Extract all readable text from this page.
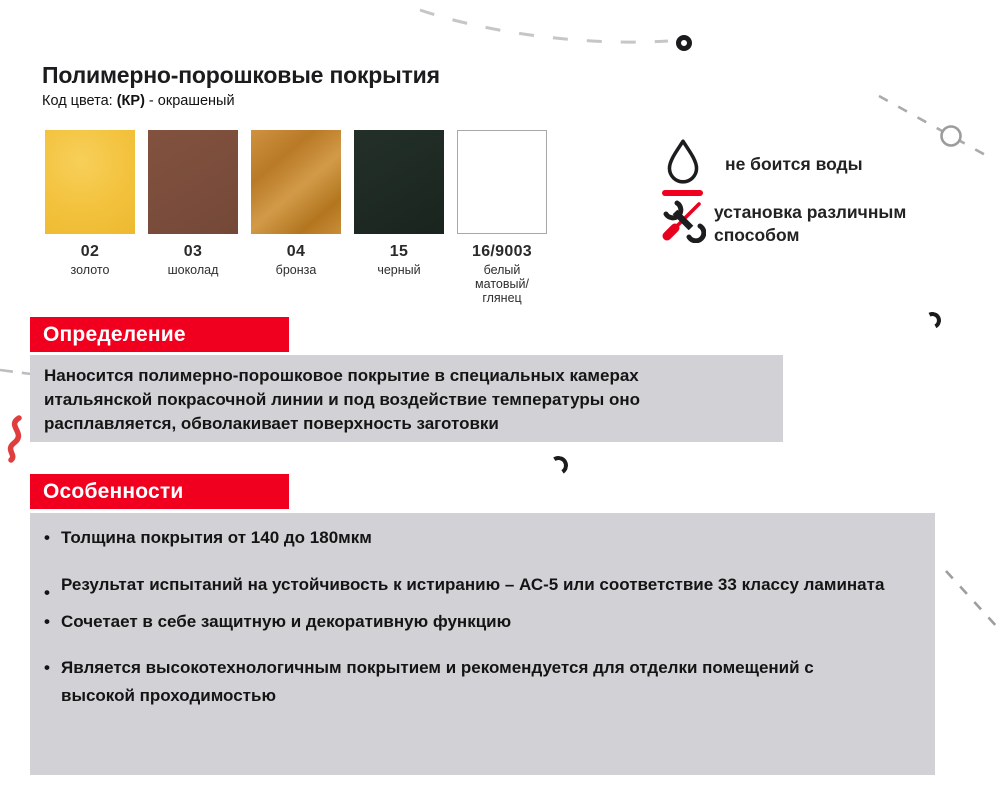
Полимерно-порошковые покрытия
Код цвета: (КР) - окрашеный
02
золото
03
шоколад
04
бронза
15
черный
16/9003
белый матовый/глянец
не боится воды
установка различным способом
Определение

Наносится полимерно-порошковое покрытие в специальных камерах итальянской покрасочной линии и под воздействие температуры оно расплавляется, обволакивает поверхность заготовки

Особенности

• Толщина покрытия от 140 до 180мкм

• Результат испытаний на устойчивость к истиранию – АС-5 или соответствие 33 классу ламината

• Сочетает в себе защитную и декоративную функцию

• Является высокотехнологичным покрытием и рекомендуется для отделки помещений с высокой проходимостью
